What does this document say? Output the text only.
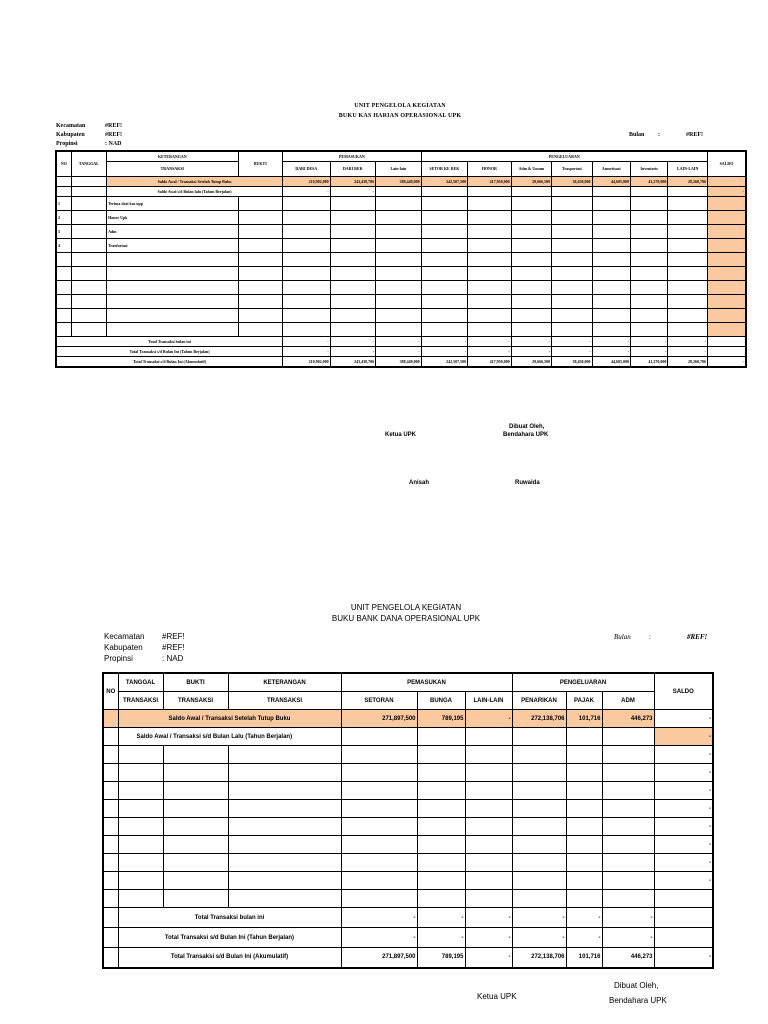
UNIT PENGELOLA KEGIATAN
BUKU KAS HARIAN OPERASIONAL UPK
Kecamatan	#REF!
Kabupaten	#REF!
Propinsi	: NAD
Bulan :	#REF!
NO	TANGGAL	KETERANGAN	BUKTI	PEMASUKAN			PENGELUARAN							SALDO
		TRANSAKSI		DARI DESA	DARI REK	Lain-lain	SETOR KE REK	HONOR	Adm & Umum	Trasportasi	Amortisasi	Inventaris	LAIN-LAIN	
		Saldo Awal / Transaksi Setelah Tutup Buku		210,902,000	243,438,706	388,449,000	242,507,500	417,950,000	29,666,500	38,450,000	44,605,000	41,270,000	28,260,706	
		Saldo Awal s/d Bulan lalu (Tahun Berjalan)		-	-									-
1		Terima dari kas upp												
2		Honor Upk												
3		Adm												
4		Tranfortasi												

Total Transaksi bulan ini				-	-	-	-	-	-	-	-	-	-	
Total Transaksi s/d Bulan Ini (Tahun Berjalan)				-	-	-	-	-	-	-	-	-	-	
Total Transaksi s/d Bulan Ini (Akumulatif)				210,902,000	243,438,706	388,449,000	242,507,500	417,950,000	29,666,500	38,450,000	44,605,000	41,270,000	28,260,706	-
Dibuat Oleh,
Ketua UPK	Bendahara UPK
Anisah	Ruwaida
UNIT PENGELOLA KEGIATAN
BUKU BANK DANA OPERASIONAL UPK
Kecamatan #REF!
Kabupaten #REF!
Propinsi	: NAD
Bulan	:	#REF!
NO	TANGGAL	BUKTI	KETERANGAN	PEMASUKAN			PENGELUARAN			SALDO
	TRANSAKSI	TRANSAKSI	TRANSAKSI	SETORAN	BUNGA	LAIN-LAIN	PENARIKAN	PAJAK	ADM	
	Saldo Awal / Transaksi Setelah Tutup Buku			271,897,500	789,195	-	272,138,706	101,716	446,273	-
	Saldo Awal / Transaksi s/d Bulan Lalu (Tahun Berjalan)									-
										-
										-
										-
										-
										-
										-
										-
										-

	Total Transaksi bulan ini			-	-	-	-	-	-	
	Total Transaksi s/d Bulan Ini (Tahun Berjalan)			-	-	-	-	-	-	
	Total Transaksi s/d Bulan Ini (Akumulatif)			271,897,500	789,195	-	272,138,706	101,716	446,273	-
Dibuat Oleh,
Ketua UPK	Bendahara UPK
